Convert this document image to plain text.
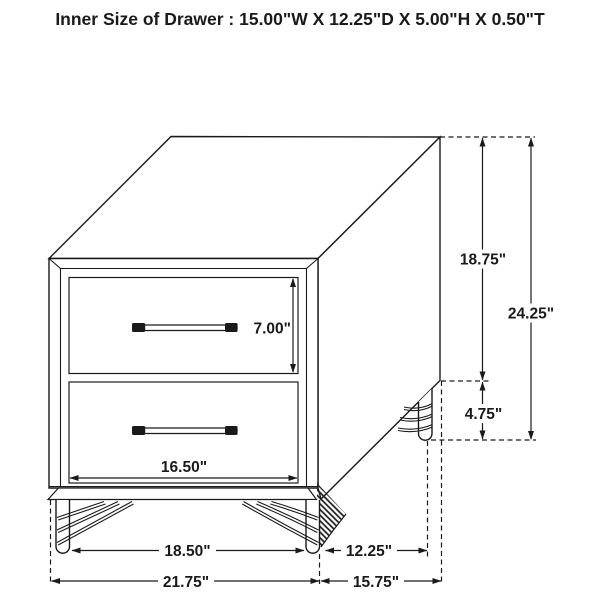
Inner Size of Drawer : 15.00"W X 12.25"D X 5.00"H X 0.50"T
18.75"
24.25"
7.00"
4.75"
16.50"
18.50"	12.25"
21.75"	15.75"
